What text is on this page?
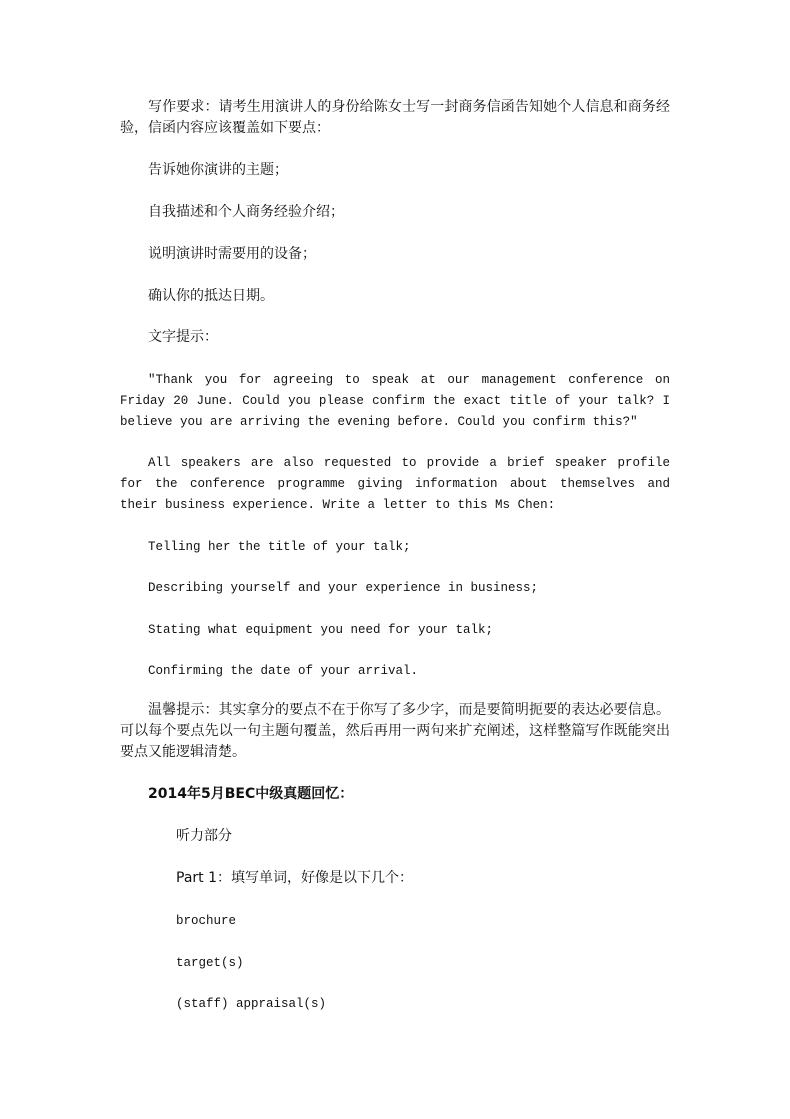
写作要求：请考生用演讲人的身份给陈女士写一封商务信函告知她个人信息和商务经验，信函内容应该覆盖如下要点：

告诉她你演讲的主题；

自我描述和个人商务经验介绍；

说明演讲时需要用的设备；

确认你的抵达日期。

文字提示：

"Thank you for agreeing to speak at our management conference on Friday 20 June. Could you please confirm the exact title of your talk? I believe you are arriving the evening before. Could you confirm this?"

All speakers are also requested to provide a brief speaker profile for the conference programme giving information about themselves and their business experience. Write a letter to this Ms Chen:

Telling her the title of your talk;

Describing yourself and your experience in business;

Stating what equipment you need for your talk;

Confirming the date of your arrival.

温馨提示：其实拿分的要点不在于你写了多少字，而是要简明扼要的表达必要信息。可以每个要点先以一句主题句覆盖，然后再用一两句来扩充阐述，这样整篇写作既能突出要点又能逻辑清楚。

2014年5月BEC中级真题回忆：

听力部分

Part 1：填写单词，好像是以下几个：

brochure

target(s)

(staff) appraisal(s)
